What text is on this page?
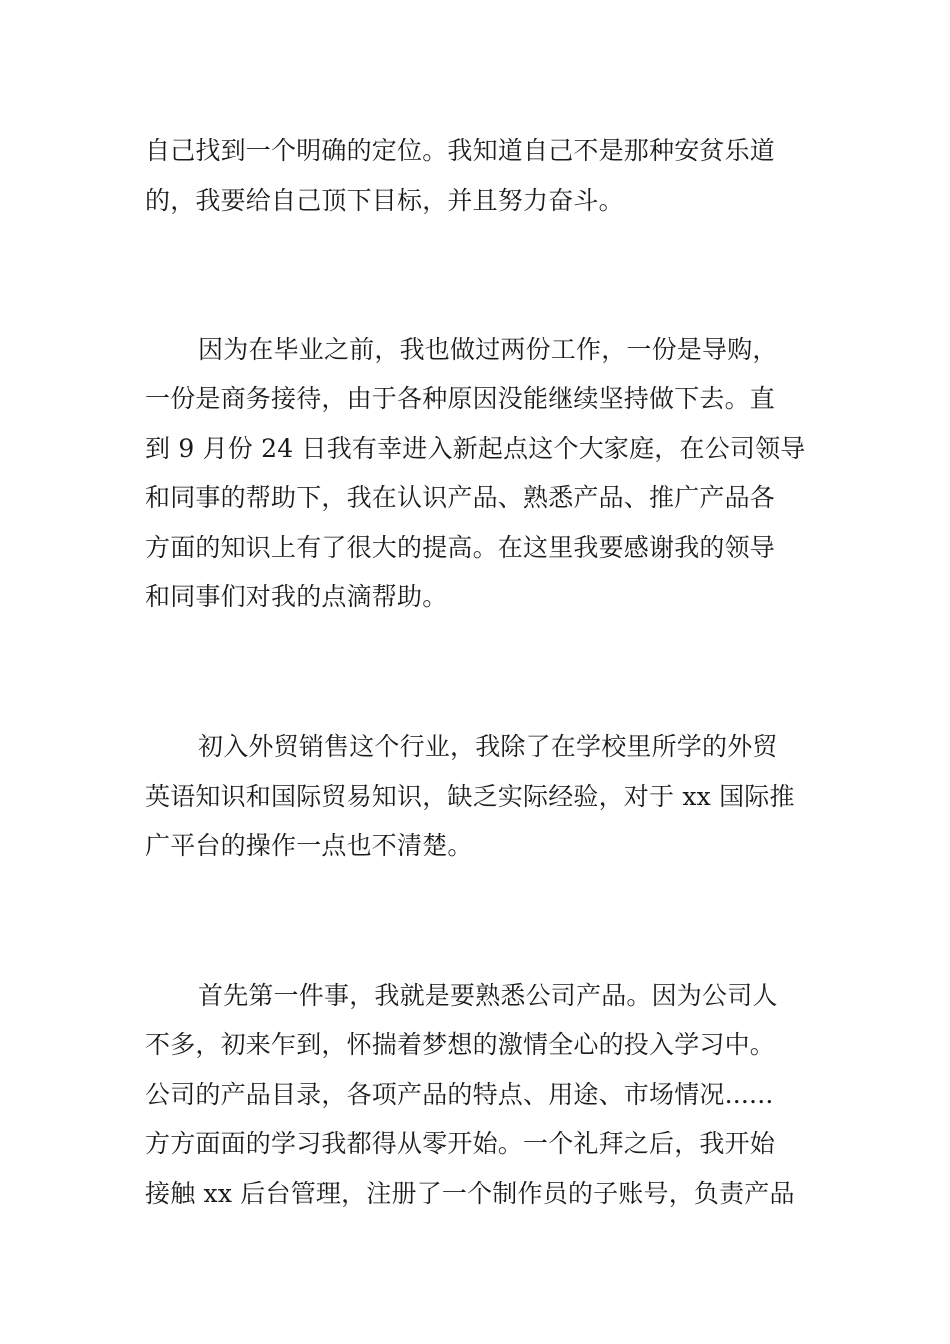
自己找到一个明确的定位。我知道自己不是那种安贫乐道
的，我要给自己顶下目标，并且努力奋斗。
因为在毕业之前，我也做过两份工作，一份是导购，
一份是商务接待，由于各种原因没能继续坚持做下去。直
到 9 月份 24 日我有幸进入新起点这个大家庭，在公司领导
和同事的帮助下，我在认识产品、熟悉产品、推广产品各
方面的知识上有了很大的提高。在这里我要感谢我的领导
和同事们对我的点滴帮助。
初入外贸销售这个行业，我除了在学校里所学的外贸
英语知识和国际贸易知识，缺乏实际经验，对于 xx 国际推
广平台的操作一点也不清楚。
首先第一件事，我就是要熟悉公司产品。因为公司人
不多，初来乍到，怀揣着梦想的激情全心的投入学习中。
公司的产品目录，各项产品的特点、用途、市场情况......
方方面面的学习我都得从零开始。一个礼拜之后，我开始
接触 xx 后台管理，注册了一个制作员的子账号，负责产品
